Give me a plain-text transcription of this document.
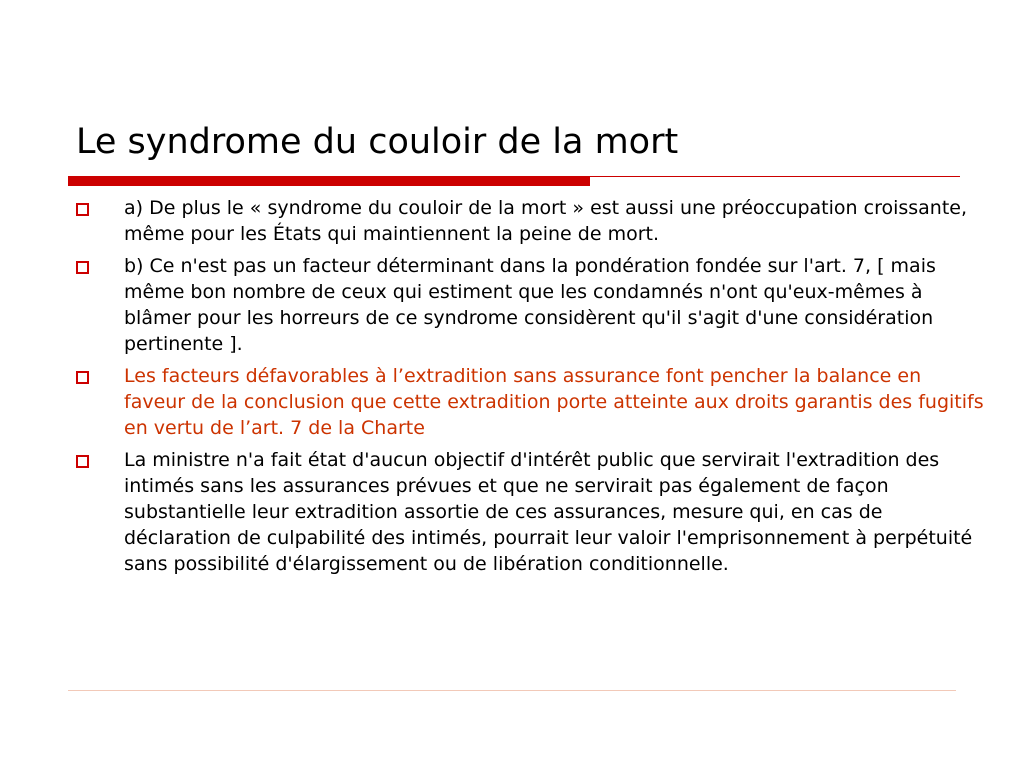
Le syndrome du couloir de la mort
a) De plus le « syndrome du couloir de la mort » est aussi une préoccupation croissante, même pour les États qui maintiennent la peine de mort.
b) Ce n'est pas un facteur déterminant dans la pondération fondée sur l'art. 7, [ mais même bon nombre de ceux qui estiment que les condamnés n'ont qu'eux-mêmes à blâmer pour les horreurs de ce syndrome considèrent qu'il s'agit d'une considération pertinente ].
Les facteurs défavorables à l’extradition sans assurance font pencher la balance en faveur de la conclusion que cette extradition porte atteinte aux droits garantis des fugitifs en vertu de l’art. 7 de la Charte
La ministre n'a fait état d'aucun objectif d'intérêt public que servirait l'extradition des intimés sans les assurances prévues et que ne servirait pas également de façon substantielle leur extradition assortie de ces assurances, mesure qui, en cas de déclaration de culpabilité des intimés, pourrait leur valoir l'emprisonnement à perpétuité sans possibilité d'élargissement ou de libération conditionnelle.
